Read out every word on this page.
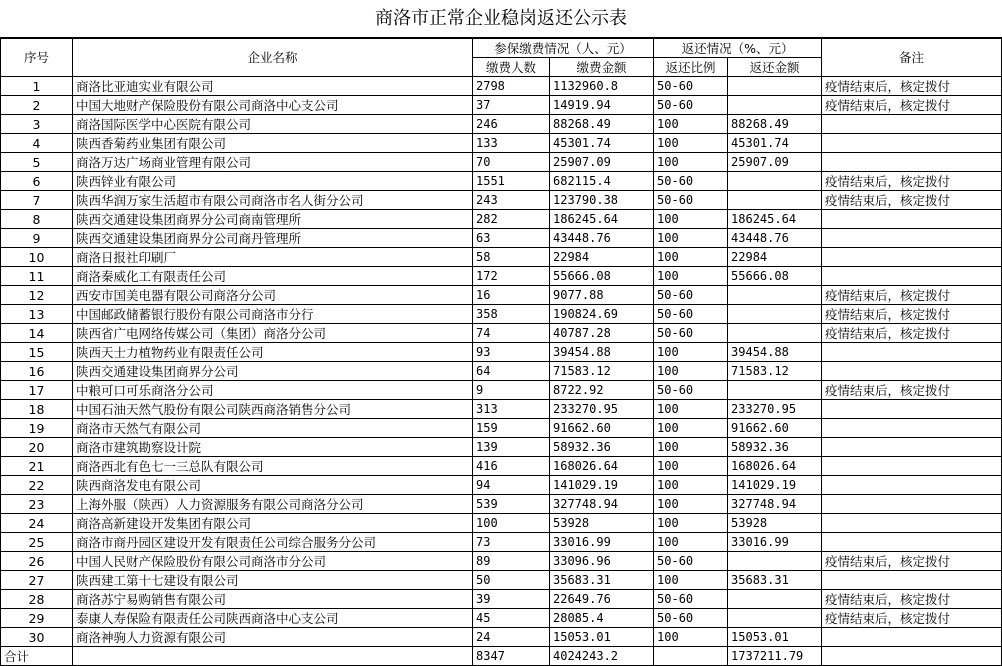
商洛市正常企业稳岗返还公示表
序号	企业名称	参保缴费情况（人、元）		返还情况（%、元）		备注
		缴费人数	缴费金额	返还比例	返还金额	
1	商洛比亚迪实业有限公司	2798	1132960.8	50-60		疫情结束后，核定拨付
2	中国大地财产保险股份有限公司商洛中心支公司	37	14919.94	50-60		疫情结束后，核定拨付
3	商洛国际医学中心医院有限公司	246	88268.49	100	88268.49	
4	陕西香菊药业集团有限公司	133	45301.74	100	45301.74	
5	商洛万达广场商业管理有限公司	70	25907.09	100	25907.09	
6	陕西锌业有限公司	1551	682115.4	50-60		疫情结束后，核定拨付
7	陕西华润万家生活超市有限公司商洛市名人街分公司	243	123790.38	50-60		疫情结束后，核定拨付
8	陕西交通建设集团商界分公司商南管理所	282	186245.64	100	186245.64	
9	陕西交通建设集团商界分公司商丹管理所	63	43448.76	100	43448.76	
10	商洛日报社印刷厂	58	22984	100	22984	
11	商洛秦威化工有限责任公司	172	55666.08	100	55666.08	
12	西安市国美电器有限公司商洛分公司	16	9077.88	50-60		疫情结束后，核定拨付
13	中国邮政储蓄银行股份有限公司商洛市分行	358	190824.69	50-60		疫情结束后，核定拨付
14	陕西省广电网络传媒公司（集团）商洛分公司	74	40787.28	50-60		疫情结束后，核定拨付
15	陕西天士力植物药业有限责任公司	93	39454.88	100	39454.88	
16	陕西交通建设集团商界分公司	64	71583.12	100	71583.12	
17	中粮可口可乐商洛分公司	9	8722.92	50-60		疫情结束后，核定拨付
18	中国石油天然气股份有限公司陕西商洛销售分公司	313	233270.95	100	233270.95	
19	商洛市天然气有限公司	159	91662.60	100	91662.60	
20	商洛市建筑勘察设计院	139	58932.36	100	58932.36	
21	商洛西北有色七一三总队有限公司	416	168026.64	100	168026.64	
22	陕西商洛发电有限公司	94	141029.19	100	141029.19	
23	上海外服（陕西）人力资源服务有限公司商洛分公司	539	327748.94	100	327748.94	
24	商洛高新建设开发集团有限公司	100	53928	100	53928	
25	商洛市商丹园区建设开发有限责任公司综合服务分公司	73	33016.99	100	33016.99	
26	中国人民财产保险股份有限公司商洛市分公司	89	33096.96	50-60		疫情结束后，核定拨付
27	陕西建工第十七建设有限公司	50	35683.31	100	35683.31	
28	商洛苏宁易购销售有限公司	39	22649.76	50-60		疫情结束后，核定拨付
29	泰康人寿保险有限责任公司陕西商洛中心支公司	45	28085.4	50-60		疫情结束后，核定拨付
30	商洛神驹人力资源有限公司	24	15053.01	100	15053.01	
合计		8347	4024243.2		1737211.79	
